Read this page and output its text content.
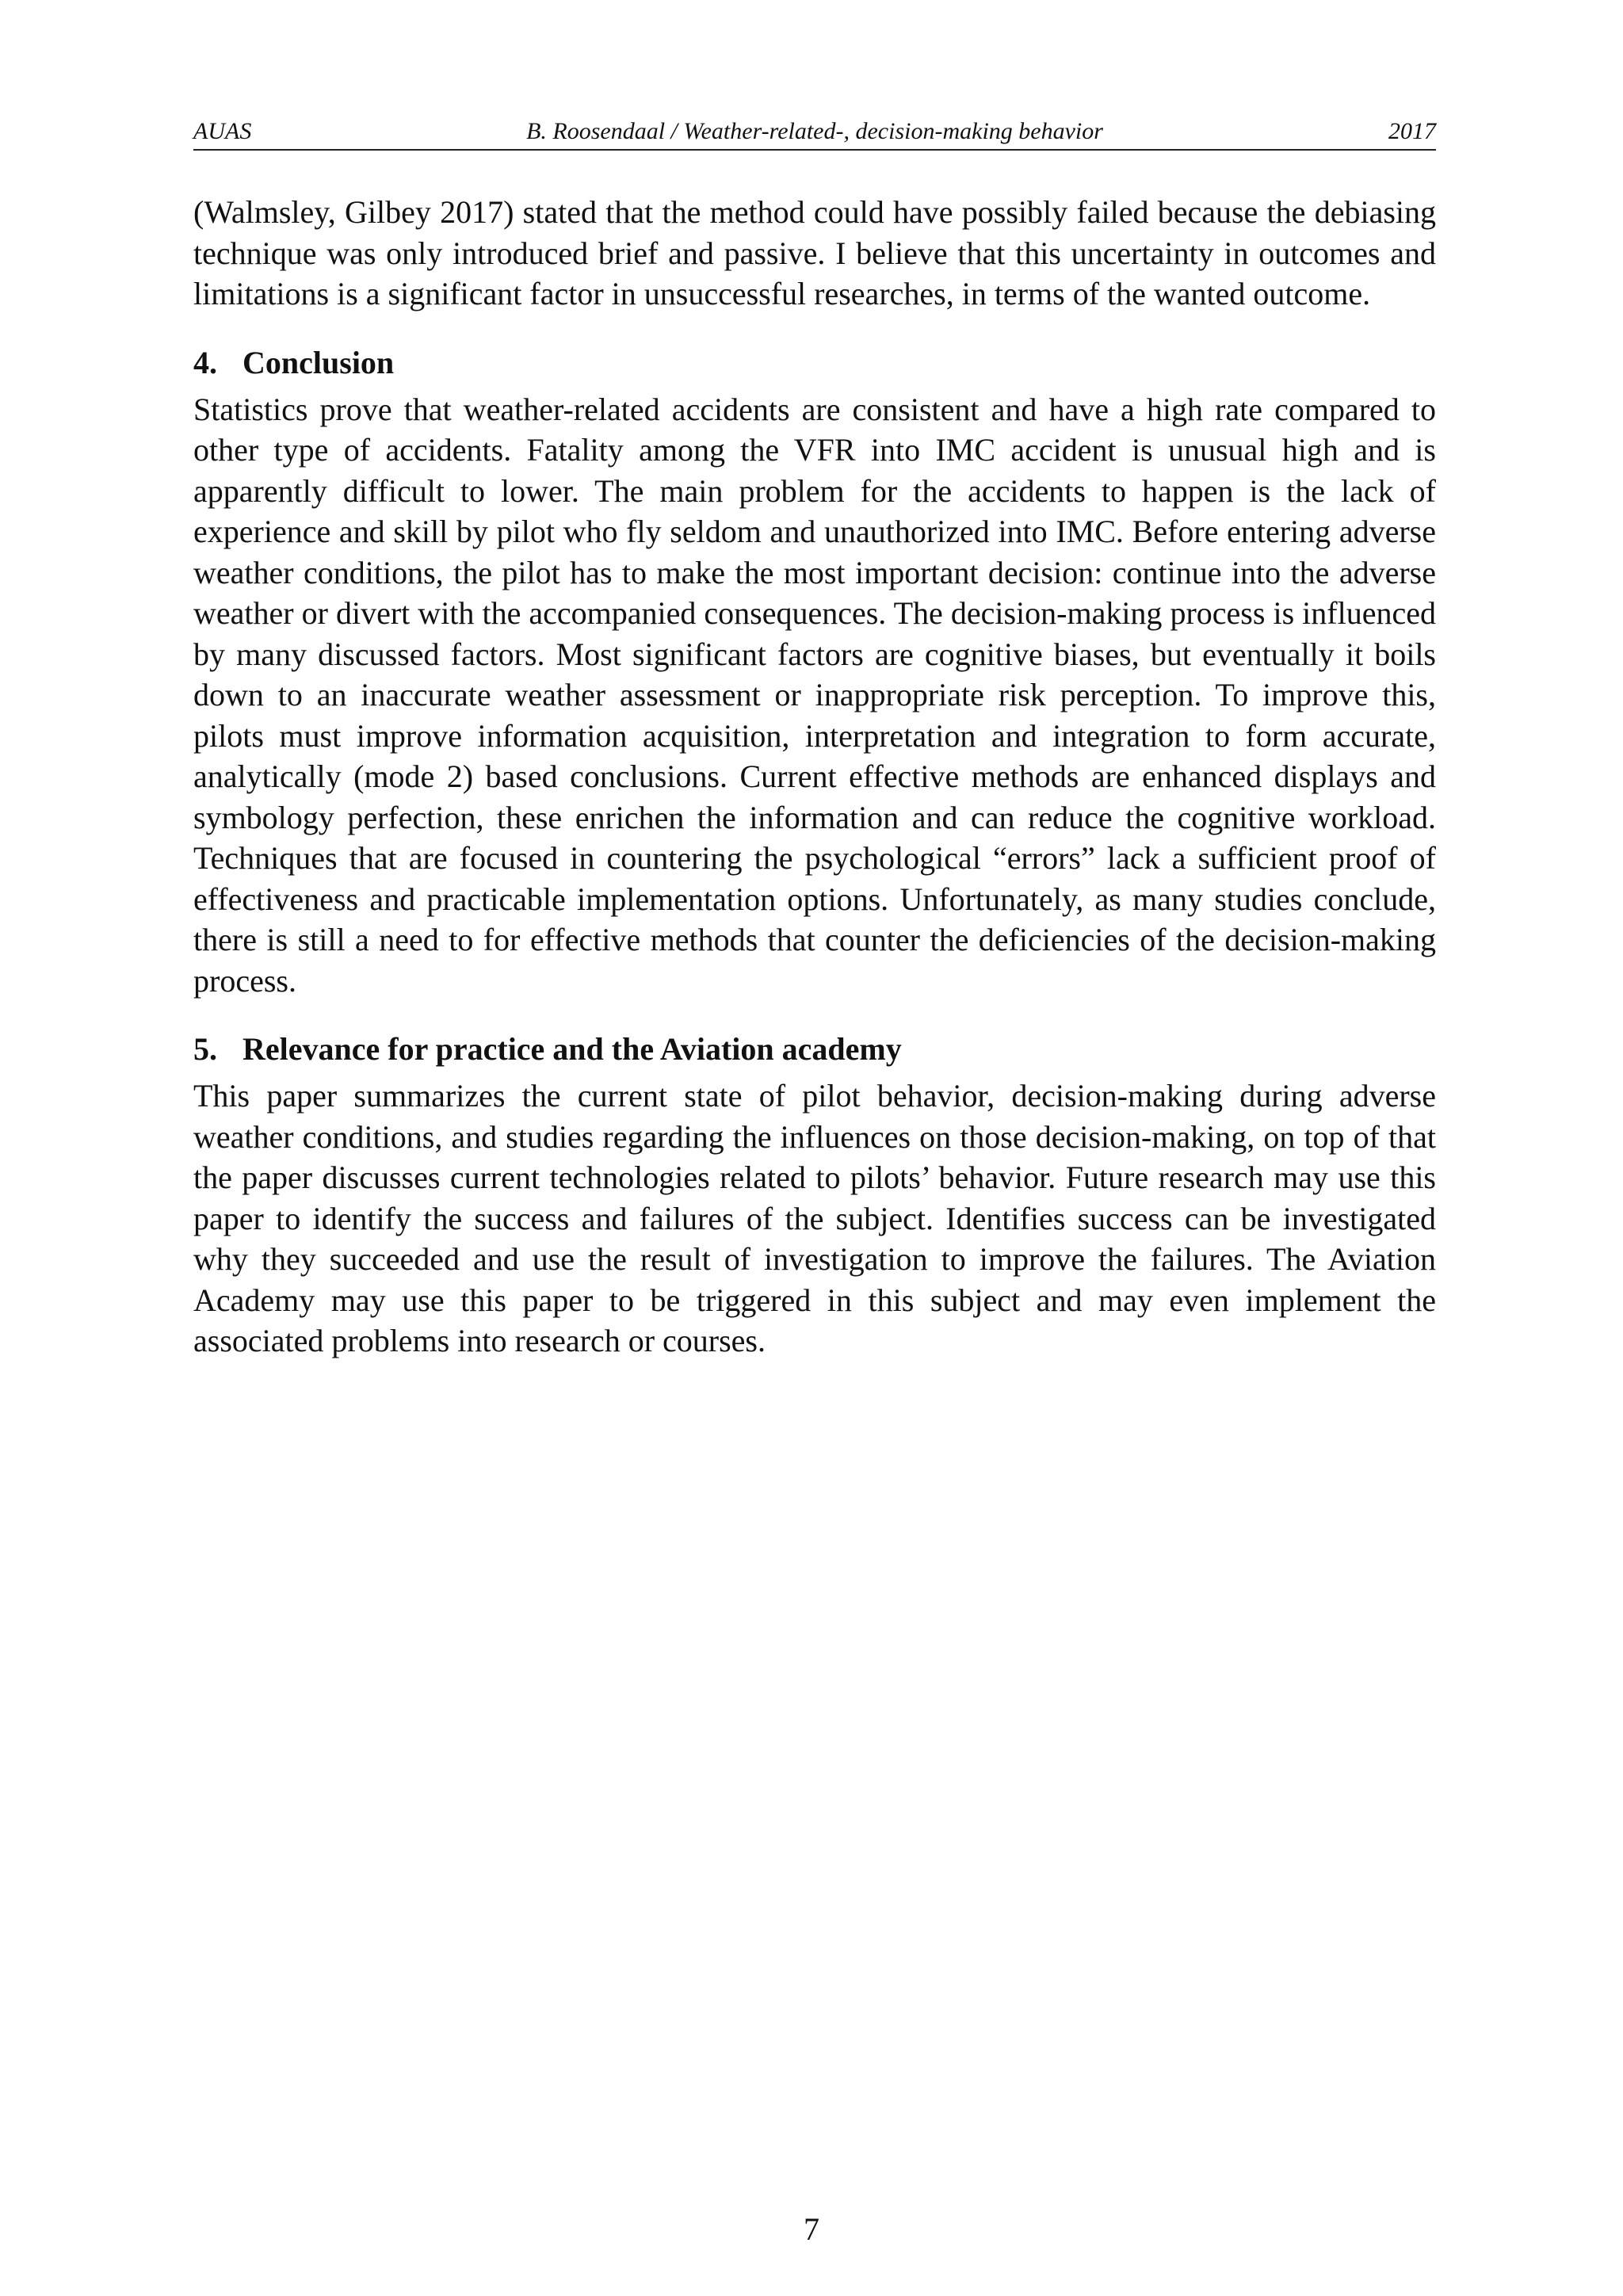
AUAS	B. Roosendaal / Weather-related-, decision-making behavior	2017

(Walmsley, Gilbey 2017) stated that the method could have possibly failed because the debiasing technique was only introduced brief and passive. I believe that this uncertainty in outcomes and limitations is a significant factor in unsuccessful researches, in terms of the wanted outcome.

4. Conclusion

Statistics prove that weather-related accidents are consistent and have a high rate compared to other type of accidents. Fatality among the VFR into IMC accident is unusual high and is apparently difficult to lower. The main problem for the accidents to happen is the lack of experience and skill by pilot who fly seldom and unauthorized into IMC. Before entering adverse weather conditions, the pilot has to make the most important decision: continue into the adverse weather or divert with the accompanied consequences. The decision-making process is influenced by many discussed factors. Most significant factors are cognitive biases, but eventually it boils down to an inaccurate weather assessment or inappropriate risk perception. To improve this, pilots must improve information acquisition, interpretation and integration to form accurate, analytically (mode 2) based conclusions. Current effective methods are enhanced displays and symbology perfection, these enrichen the information and can reduce the cognitive workload. Techniques that are focused in countering the psychological “errors” lack a sufficient proof of effectiveness and practicable implementation options. Unfortunately, as many studies conclude, there is still a need to for effective methods that counter the deficiencies of the decision-making process.

5. Relevance for practice and the Aviation academy

This paper summarizes the current state of pilot behavior, decision-making during adverse weather conditions, and studies regarding the influences on those decision-making, on top of that the paper discusses current technologies related to pilots’ behavior. Future research may use this paper to identify the success and failures of the subject. Identifies success can be investigated why they succeeded and use the result of investigation to improve the failures. The Aviation Academy may use this paper to be triggered in this subject and may even implement the associated problems into research or courses.

7
